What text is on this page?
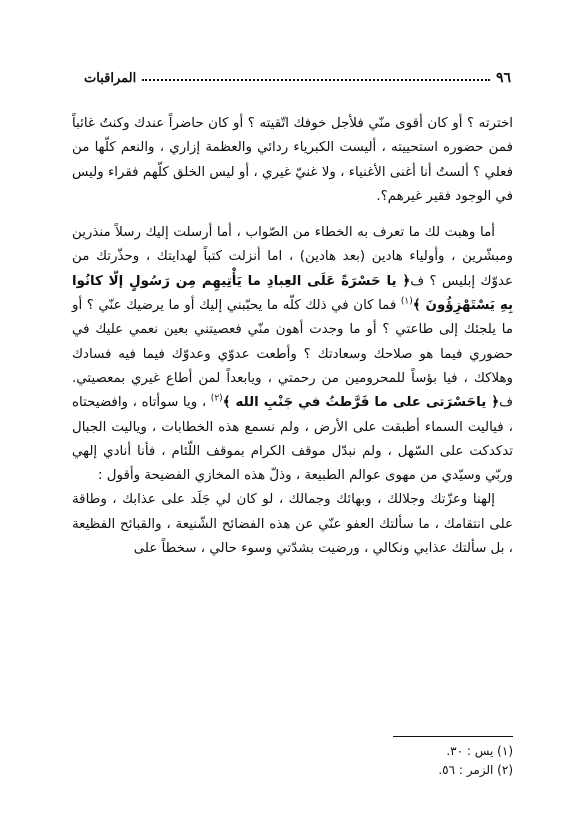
٩٦
المراقبات

اخترته ؟ أو كان أقوى منّي فلأجل خوفك اتّقيته ؟ أو كان حاضراً عندك وكنتُ غائباً فمن حضوره استحييته ، أليست الكبرياء ردائي والعظمة إزاري ، والنعم كلّها من فعلي ؟ ألستُ أنا أغنى الأغنياء ، ولا غنيّ غيري ، أو ليس الخلق كلّهم فقراء وليس في الوجود فقير غيرهم؟.

أما وهبت لك ما تعرف به الخطاء من الصّواب ، أما أرسلت إليك رسلاً منذرين ومبشّرين ، وأولياء هادين (بعد هادين) ، اما أنزلت كتباً لهدايتك ، وحذّرتك من عدوّك إبليس ؟ ف﴿ يا حَسْرَةً عَلَى العِبادِ ما يَأْتِيهِم مِن رَسُولٍ إلّا كانُوا بِهِ يَسْتَهْزِؤُونَ ﴾$^{(١)}$ فما كان في ذلك كلّه ما يحبّبني إليك أو ما يرضيك عنّي ؟ أو ما يلجئك إلى طاعتي ؟ أو ما وجدت أهون منّي فعصيتني بعين نعمي عليك في حضوري فيما هو صلاحك وسعادتك ؟ وأطعت عدوّي وعدوّك فيما فيه فسادك وهلاكك ، فيا بؤساً للمحرومين من رحمتي ، ويابعداً لمن أطاع غيري بمعصيتي. ف﴿ ياحَسْرَتى على ما فَرَّطتُ في جَنْبِ الله ﴾$^{(٢)}$ ، ويا سوأتاه ، وافضيحتاه ، فياليت السماء أطبقت على الأرض ، ولم نسمع هذه الخطابات ، وياليت الجبال تدكدكت على السّهل ، ولم نبدّل موقف الكرام بموقف اللّئام ، فأنا أنادي إلهي وربّي وسيّدي من مهوى عوالم الطبيعة ، وذلّ هذه المخازي الفضيحة وأقول :

إلهنا وعزّتك وجلالك ، وبهائك وجمالك ، لو كان لي جَلَد على عذابك ، وطاقة على انتقامك ، ما سألتك العفو عنّي عن هذه الفضائح الشّنيعة ، والقبائح الفظيعة ، بل سألتك عذابي ونكالي ، ورضيت بشدّتي وسوء حالي ، سخطاً على

(١) يس : ٣٠.
(٢) الزمر : ٥٦.
